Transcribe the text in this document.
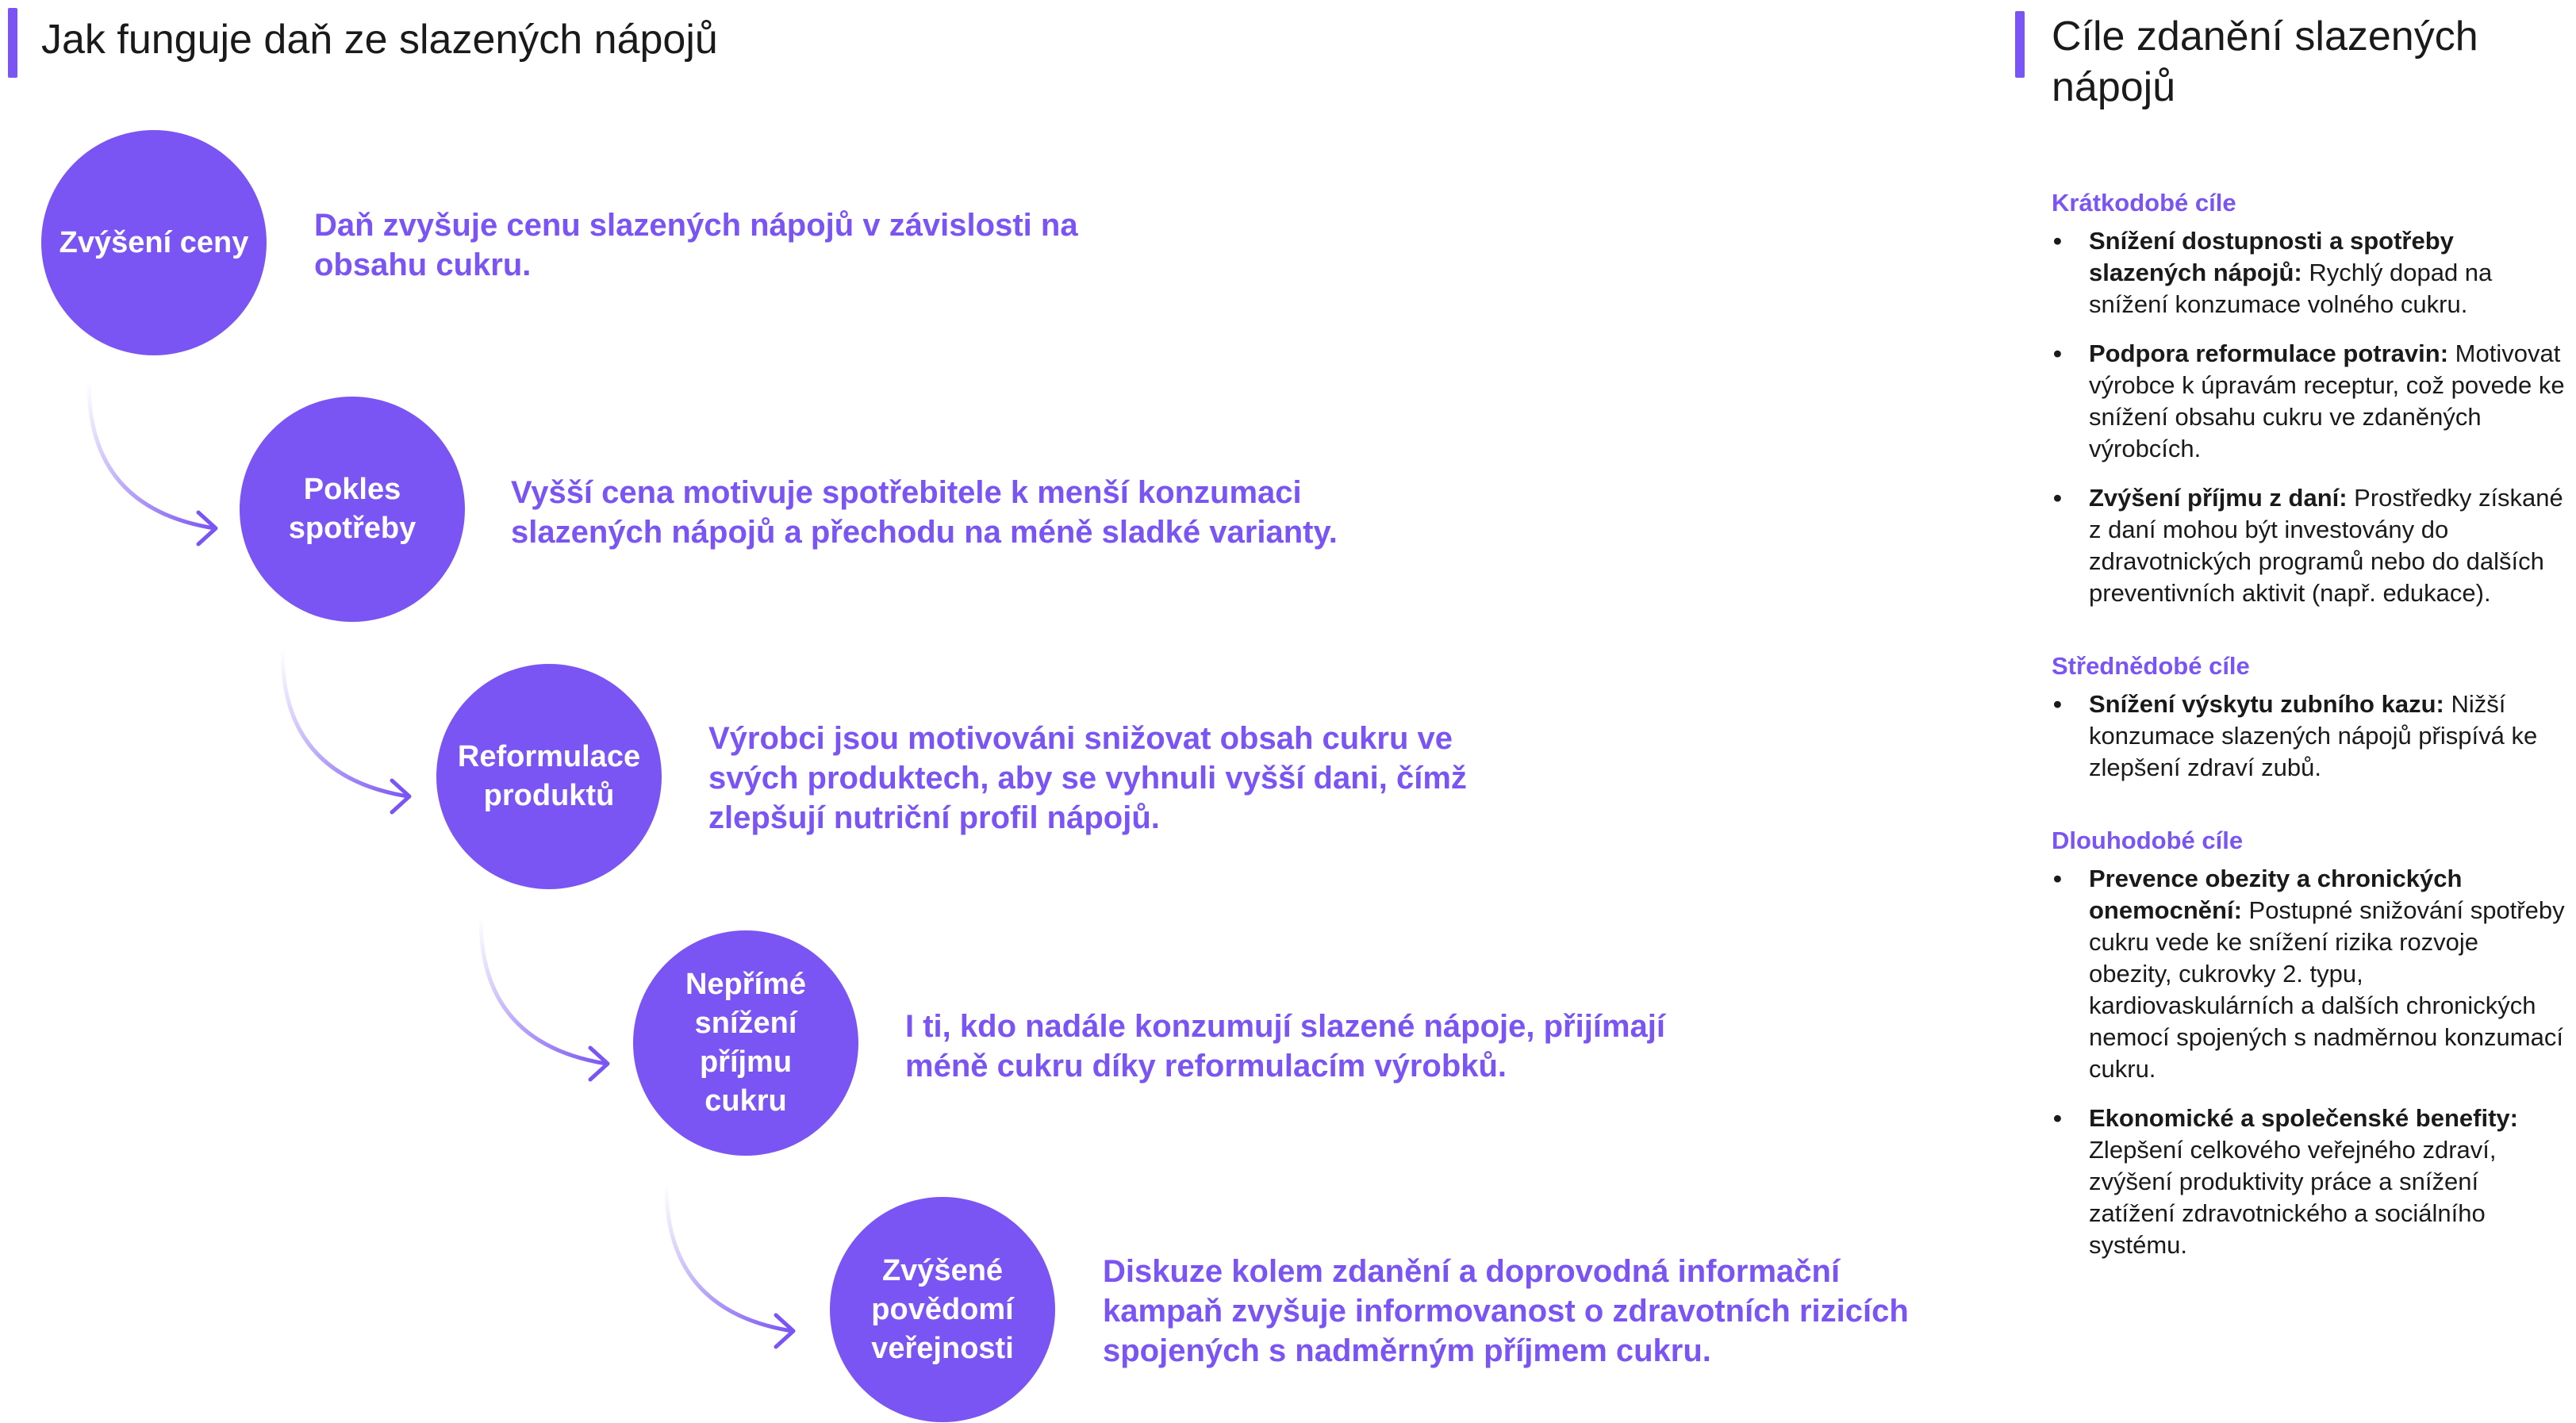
Jak funguje daň ze slazených nápojů
Zvýšení ceny	Daň zvyšuje cenu slazených nápojů v závislosti na obsahu cukru.

Pokles spotřeby

Vyšší cena motivuje spotřebitele k menší konzumaci slazených nápojů a přechodu na méně sladké varianty.

Reformulace produktů

Výrobci jsou motivováni snižovat obsah cukru ve svých produktech, aby se vyhnuli vyšší dani, čímž zlepšují nutriční profil nápojů.

Nepřímé snížení příjmu cukru

I ti, kdo nadále konzumují slazené nápoje, přijímají méně cukru díky reformulacím výrobků.

Zvýšené povědomí veřejnosti

Diskuze kolem zdanění a doprovodná informační kampaň zvyšuje informovanost o zdravotních rizicích spojených s nadměrným příjmem cukru.

Cíle zdanění slazených nápojů
Krátkodobé cíle
• Snížení dostupnosti a spotřeby slazených nápojů: Rychlý dopad na snížení konzumace volného cukru.
• Podpora reformulace potravin: Motivovat výrobce k úpravám receptur, což povede ke snížení obsahu cukru ve zdaněných výrobcích.
• Zvýšení příjmu z daní: Prostředky získané z daní mohou být investovány do zdravotnických programů nebo do dalších preventivních aktivit (např. edukace).
Střednědobé cíle
• Snížení výskytu zubního kazu: Nižší konzumace slazených nápojů přispívá ke zlepšení zdraví zubů.
Dlouhodobé cíle
• Prevence obezity a chronických onemocnění: Postupné snižování spotřeby cukru vede ke snížení rizika rozvoje obezity, cukrovky 2. typu, kardiovaskulárních a dalších chronických nemocí spojených s nadměrnou konzumací cukru.
• Ekonomické a společenské benefity: Zlepšení celkového veřejného zdraví, zvýšení produktivity práce a snížení zatížení zdravotnického a sociálního systému.
